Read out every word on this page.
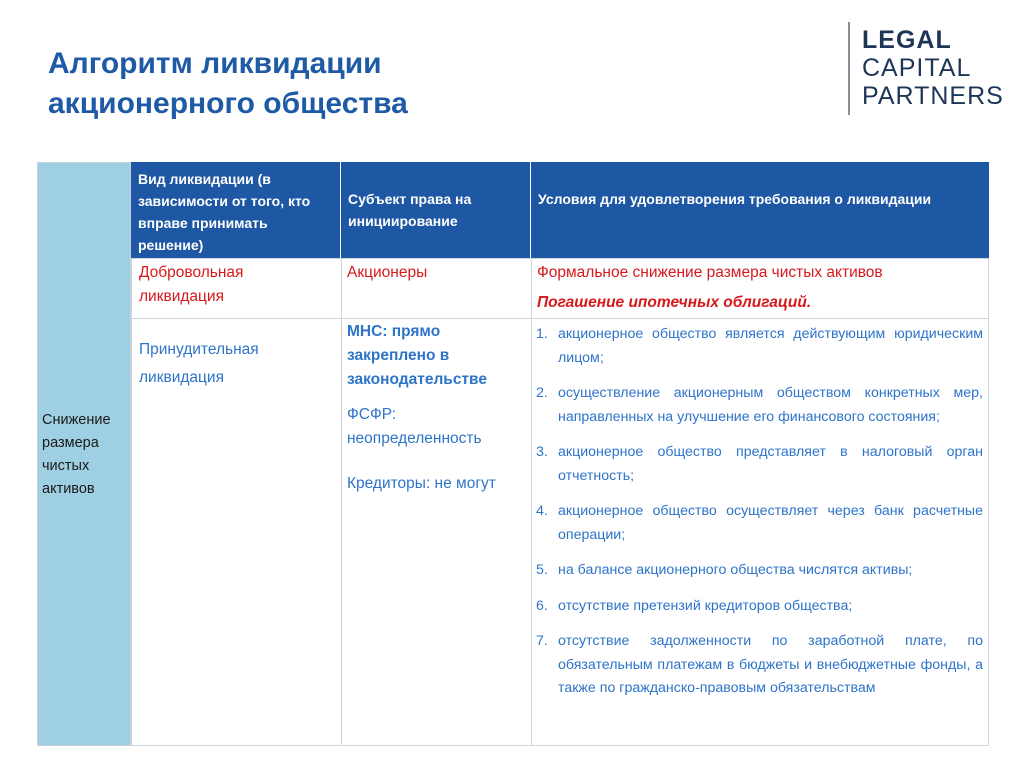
Алгоритм ликвидации акционерного общества
LEGAL
CAPITAL
PARTNERS
Снижение размера чистых активов
Вид ликвидации (в зависимости от того, кто вправе принимать решение)
Субъект права на инициирование
Условия для удовлетворения требования о ликвидации
Добровольная ликвидация
Акционеры	Формальное снижение размера чистых активов
Погашение ипотечных облигаций.
Принудительная ликвидация
МНС: прямо закреплено в законодательстве
ФСФР: неопределенность
Кредиторы: не могут
1. акционерное общество является действующим юридическим лицом;
2. осуществление акционерным обществом конкретных мер, направленных на улучшение его финансового состояния;
3. акционерное общество представляет в налоговый орган отчетность;
4. акционерное общество осуществляет через банк расчетные операции;
5. на балансе акционерного общества числятся активы;
6. отсутствие претензий кредиторов общества;
7. отсутствие задолженности по заработной плате, по обязательным платежам в бюджеты и внебюджетные фонды, а также по гражданско-правовым обязательствам
